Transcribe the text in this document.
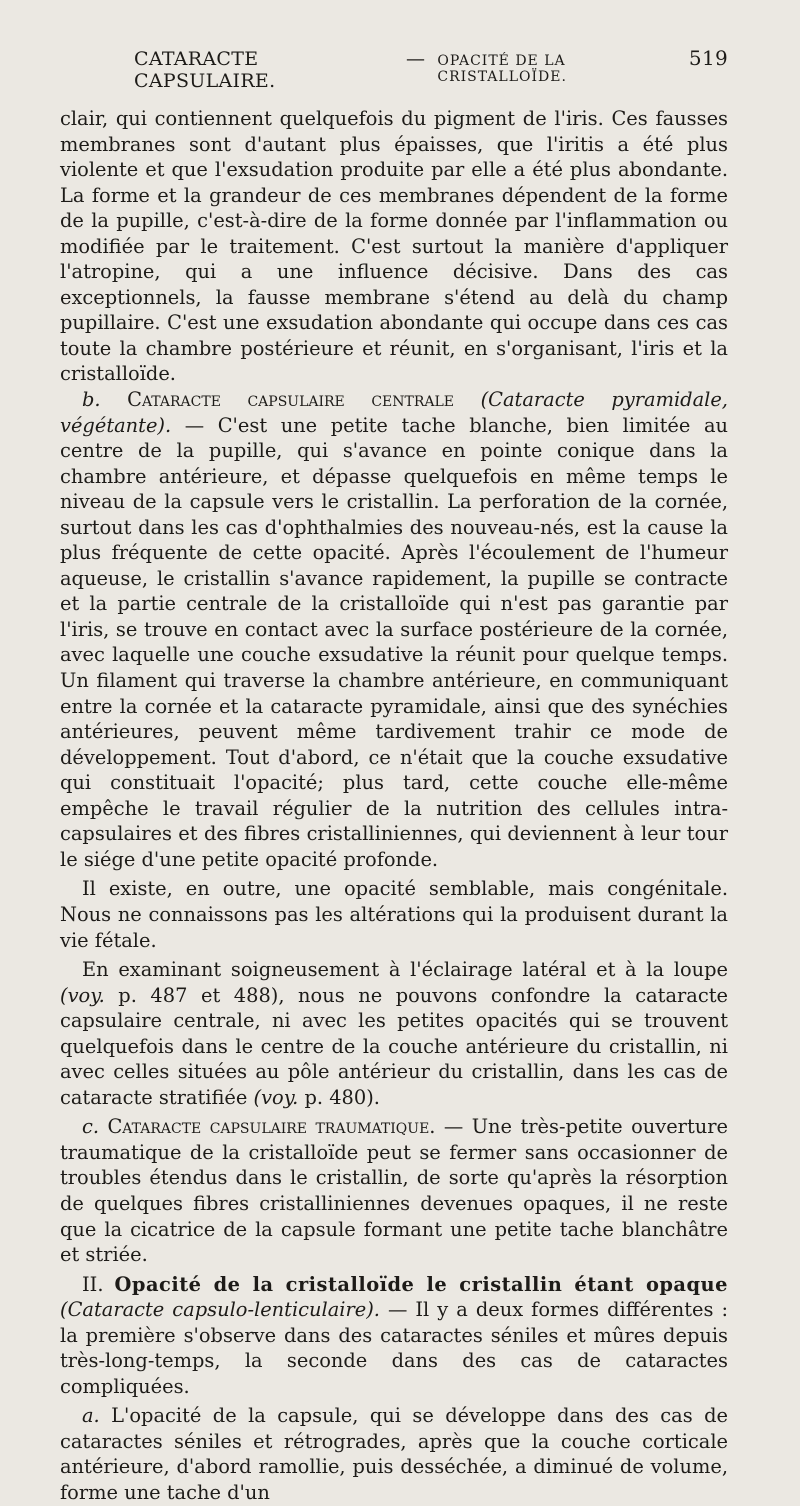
CATARACTE CAPSULAIRE.
— OPACITÉ DE LA CRISTALLOÏDE.
519

clair, qui contiennent quelquefois du pigment de l'iris. Ces fausses membranes sont d'autant plus épaisses, que l'iritis a été plus violente et que l'exsudation produite par elle a été plus abondante. La forme et la grandeur de ces membranes dépendent de la forme de la pupille, c'est-à-dire de la forme donnée par l'inflammation ou modifiée par le traitement. C'est surtout la manière d'appliquer l'atropine, qui a une influence décisive. Dans des cas exceptionnels, la fausse membrane s'étend au delà du champ pupillaire. C'est une exsudation abondante qui occupe dans ces cas toute la chambre postérieure et réunit, en s'organisant, l'iris et la cristalloïde.

b. Cataracte capsulaire centrale (Cataracte pyramidale, végétante). — C'est une petite tache blanche, bien limitée au centre de la pupille, qui s'avance en pointe conique dans la chambre antérieure, et dépasse quelquefois en même temps le niveau de la capsule vers le cristallin. La perforation de la cornée, surtout dans les cas d'ophthalmies des nouveau-nés, est la cause la plus fréquente de cette opacité. Après l'écoulement de l'humeur aqueuse, le cristallin s'avance rapidement, la pupille se contracte et la partie centrale de la cristalloïde qui n'est pas garantie par l'iris, se trouve en contact avec la surface postérieure de la cornée, avec laquelle une couche exsudative la réunit pour quelque temps. Un filament qui traverse la chambre antérieure, en communiquant entre la cornée et la cataracte pyramidale, ainsi que des synéchies antérieures, peuvent même tardivement trahir ce mode de développement. Tout d'abord, ce n'était que la couche exsudative qui constituait l'opacité; plus tard, cette couche elle-même empêche le travail régulier de la nutrition des cellules intra-capsulaires et des fibres cristalliniennes, qui deviennent à leur tour le siége d'une petite opacité profonde.

Il existe, en outre, une opacité semblable, mais congénitale. Nous ne connaissons pas les altérations qui la produisent durant la vie fétale.

En examinant soigneusement à l'éclairage latéral et à la loupe (voy. p. 487 et 488), nous ne pouvons confondre la cataracte capsulaire centrale, ni avec les petites opacités qui se trouvent quelquefois dans le centre de la couche antérieure du cristallin, ni avec celles situées au pôle antérieur du cristallin, dans les cas de cataracte stratifiée (voy. p. 480).

c. Cataracte capsulaire traumatique. — Une très-petite ouverture traumatique de la cristalloïde peut se fermer sans occasionner de troubles étendus dans le cristallin, de sorte qu'après la résorption de quelques fibres cristalliniennes devenues opaques, il ne reste que la cicatrice de la capsule formant une petite tache blanchâtre et striée.

II. Opacité de la cristalloïde le cristallin étant opaque (Cataracte capsulo-lenticulaire). — Il y a deux formes différentes : la première s'observe dans des cataractes séniles et mûres depuis très-long-temps, la seconde dans des cas de cataractes compliquées.

a. L'opacité de la capsule, qui se développe dans des cas de cataractes séniles et rétrogrades, après que la couche corticale antérieure, d'abord ramollie, puis desséchée, a diminué de volume, forme une tache d'un
